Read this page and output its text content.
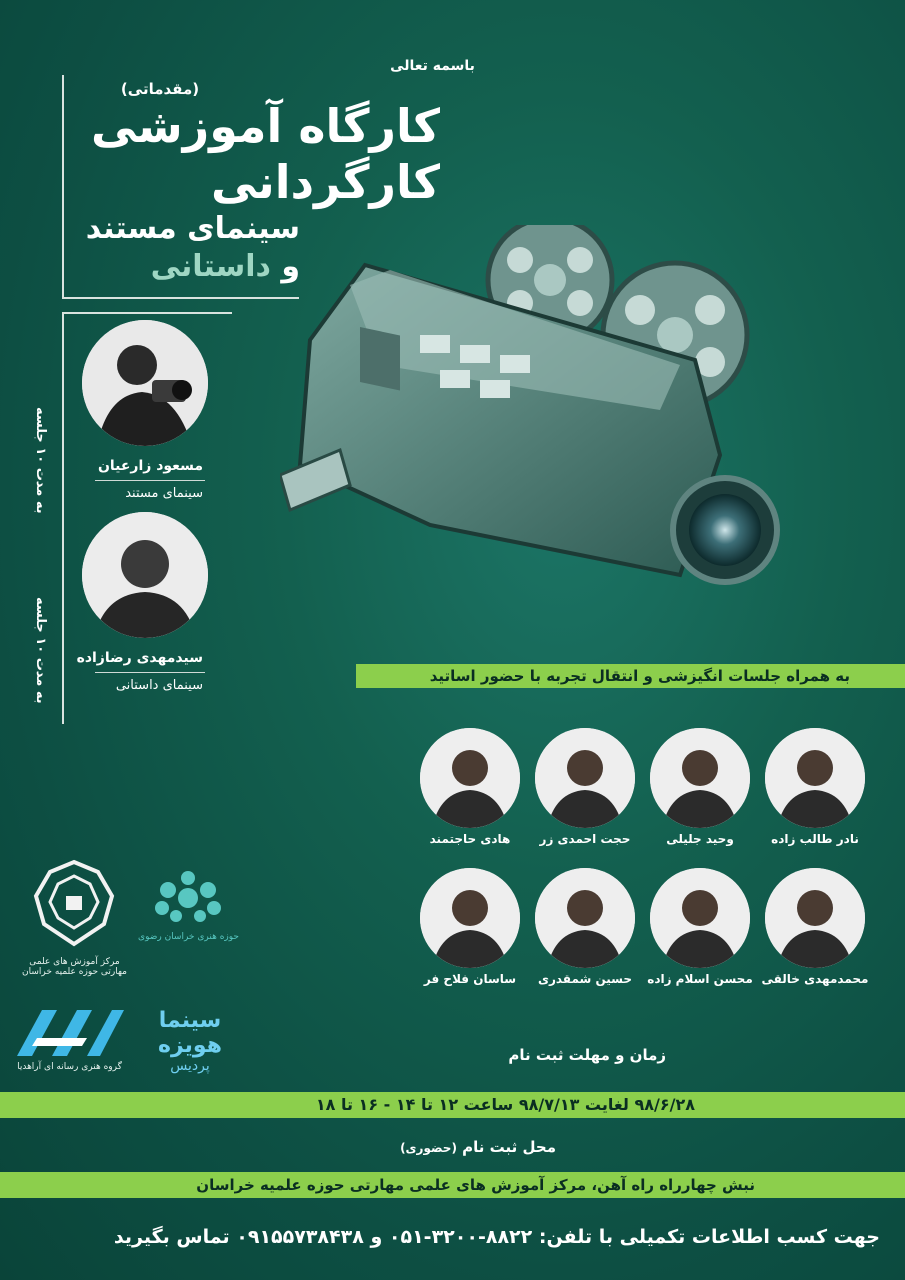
باسمه تعالی
(مقدماتی)
کارگاه آموزشی کارگردانی
سینمای مستند و داستانی
مسعود زارعیان
سینمای مستند
به مدت ۱۰ جلسه
سیدمهدی رضازاده
سینمای داستانی
به مدت ۱۰ جلسه	به همراه جلسات انگیزشی و انتقال تجربه با حضور اساتید
نادر طالب زاده
وحید جلیلی
حجت احمدی زر
هادی حاجتمند
محمدمهدی خالقی
محسن اسلام زاده
حسین شمقدری
ساسان فلاح فر
مرکز آموزش های علمی مهارتی حوزه علمیه خراسان
حوزه هنری خراسان رضوی
گروه هنری رسانه ای آراهدیا
سینما هویزه
پردیس
زمان و مهلت ثبت نام
۹۸/۶/۲۸ لغایت ۹۸/۷/۱۳ ساعت ۱۲ تا ۱۴ - ۱۶ تا ۱۸
محل ثبت نام (حضوری)
نبش چهارراه راه آهن، مرکز آموزش های علمی مهارتی حوزه علمیه خراسان
جهت کسب اطلاعات تکمیلی با تلفن: ۸۸۲۲-۳۲۰۰-۰۵۱ و ۰۹۱۵۵۷۳۸۴۳۸ تماس بگیرید
